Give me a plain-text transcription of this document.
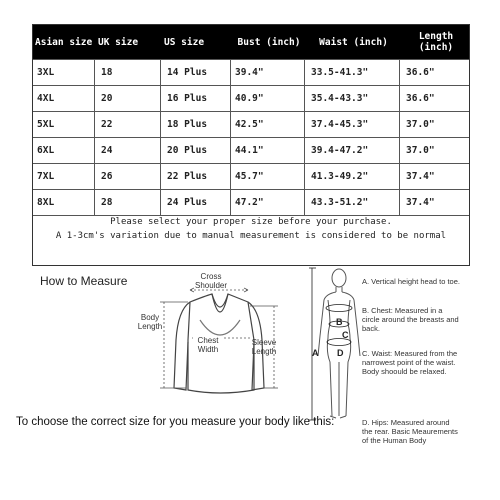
Asian size UK size	US size	Bust (inch)	Waist (inch)	Length (inch)
3XL	18	14 Plus	39.4"	33.5-41.3"	36.6"
4XL	20	16 Plus	40.9"	35.4-43.3"	36.6"
5XL	22	18 Plus	42.5"	37.4-45.3"	37.0"
6XL	24	20 Plus	44.1"	39.4-47.2"	37.0"
7XL	26	22 Plus	45.7"	41.3-49.2"	37.4"
8XL	28	24 Plus	47.2"	43.3-51.2"	37.4"
Please select your proper size before your purchase.
A 1-3cm's variation due to manual measurement is considered to be normal
How to Measure	Cross Shoulder
Body Length
Chest Width
Sleeve Length	A
B
C
D
A. Vertical height head to toe.
B. Chest: Measured in a circle around the breasts and back.
C. Waist: Measured from the narrowest point of the waist. Body shoould be relaxed.
D. Hips: Measured around the rear. Basic Meaurements of the Human Body
To choose the correct size for you measure your body like this:
